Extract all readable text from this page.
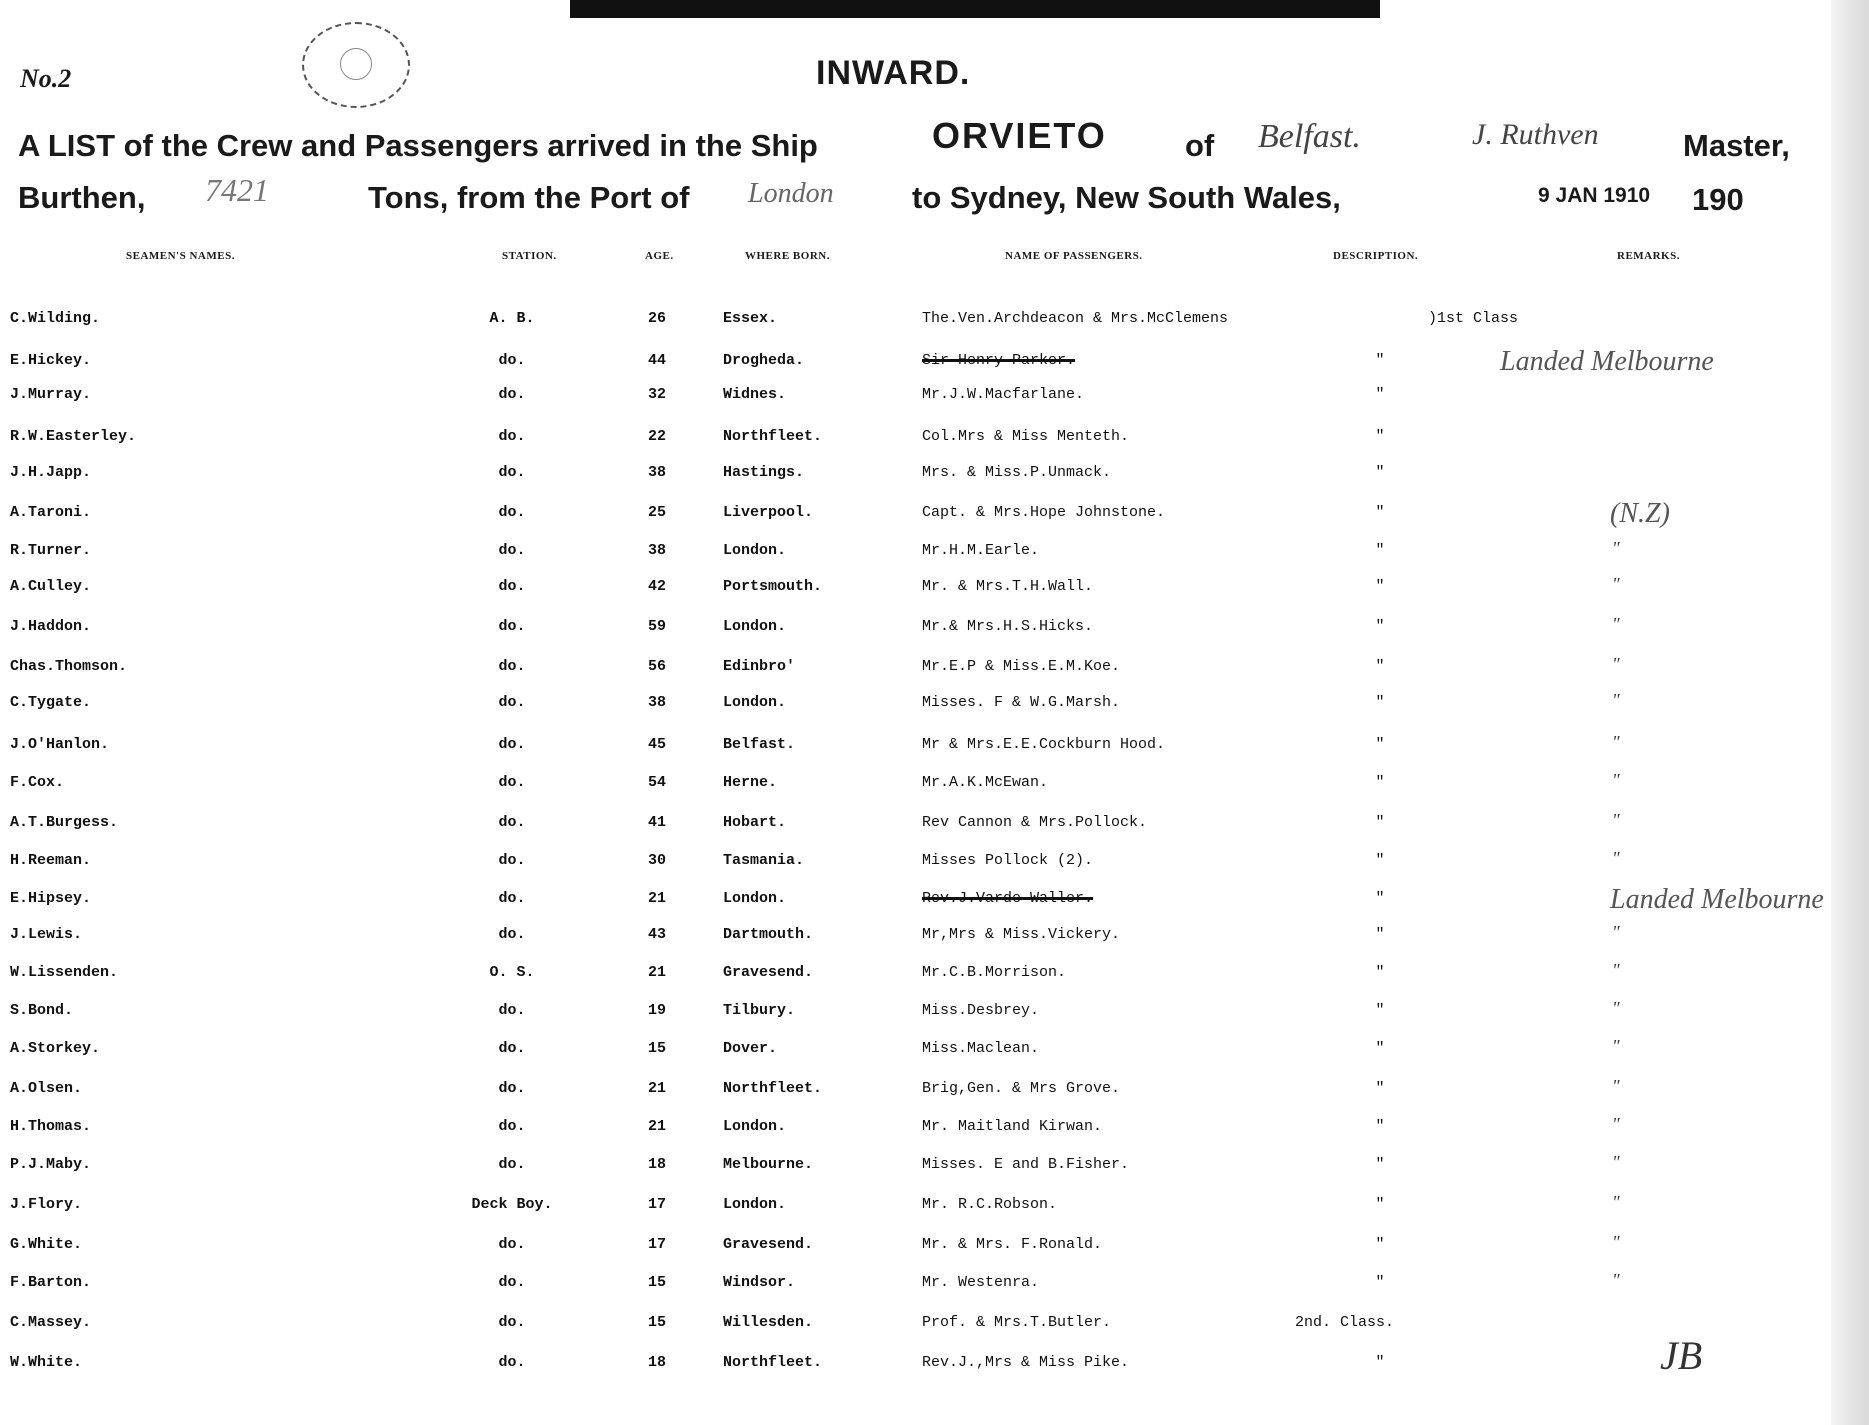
STEAMERS.
No.2	INWARD.
A LIST of the Crew and Passengers arrived in the Ship	ORVIETO	of Belfast.	J. Ruthven	Master,
Burthen, 7421	Tons, from the Port of London	to Sydney, New South Wales,	9 JAN 1910 190
SEAMEN'S NAMES.	STATION.	AGE.	WHERE BORN.	NAME OF PASSENGERS.	DESCRIPTION.	REMARKS.
C.Wilding.	A. B.	26	Essex.	The.Ven.Archdeacon & Mrs.McClemens	)1st Class
E.Hickey.	do.	44	Drogheda.	Sir Henry Parker.	"	Landed Melbourne
J.Murray.	do.	32	Widnes.	Mr.J.W.Macfarlane.	"
R.W.Easterley.	do.	22	Northfleet.	Col.Mrs & Miss Menteth.	"
J.H.Japp.	do.	38	Hastings.	Mrs. & Miss.P.Unmack.	"
A.Taroni.	do.	25	Liverpool.	Capt. & Mrs.Hope Johnstone.	"	(N.Z)
R.Turner.	do.	38	London.	Mr.H.M.Earle.	"	"
A.Culley.	do.	42	Portsmouth.	Mr. & Mrs.T.H.Wall.	"	"
J.Haddon.	do.	59	London.	Mr.& Mrs.H.S.Hicks.	"	"
Chas.Thomson.	do.	56	Edinbro'	Mr.E.P & Miss.E.M.Koe.	"	"
C.Tygate.	do.	38	London.	Misses. F & W.G.Marsh.	"	"
J.O'Hanlon.	do.	45	Belfast.	Mr & Mrs.E.E.Cockburn Hood.	"	"
F.Cox.	do.	54	Herne.	Mr.A.K.McEwan.	"	"
A.T.Burgess.	do.	41	Hobart.	Rev Cannon & Mrs.Pollock.	"	"
H.Reeman.	do.	30	Tasmania.	Misses Pollock (2).	"	"
E.Hipsey.	do.	21	London.	Rev.J.Varde-Waller.	"	Landed Melbourne
J.Lewis.	do.	43	Dartmouth.	Mr,Mrs & Miss.Vickery.	"	"
W.Lissenden.	O. S.	21	Gravesend.	Mr.C.B.Morrison.	"	"
S.Bond.	do.	19	Tilbury.	Miss.Desbrey.	"	"
A.Storkey.	do.	15	Dover.	Miss.Maclean.	"	"
A.Olsen.	do.	21	Northfleet.	Brig,Gen. & Mrs Grove.	"	"
H.Thomas.	do.	21	London.	Mr. Maitland Kirwan.	"	"
P.J.Maby.	do.	18	Melbourne.	Misses. E and B.Fisher.	"	"
J.Flory.	Deck Boy.	17	London.	Mr. R.C.Robson.	"	"
G.White.	do.	17	Gravesend.	Mr. & Mrs. F.Ronald.	"	"
F.Barton.	do.	15	Windsor.	Mr. Westenra.	"	"
C.Massey.	do.	15	Willesden.	Prof. & Mrs.T.Butler.	2nd. Class.
W.White.	do.	18	Northfleet.	Rev.J.,Mrs & Miss Pike.	"	JB
